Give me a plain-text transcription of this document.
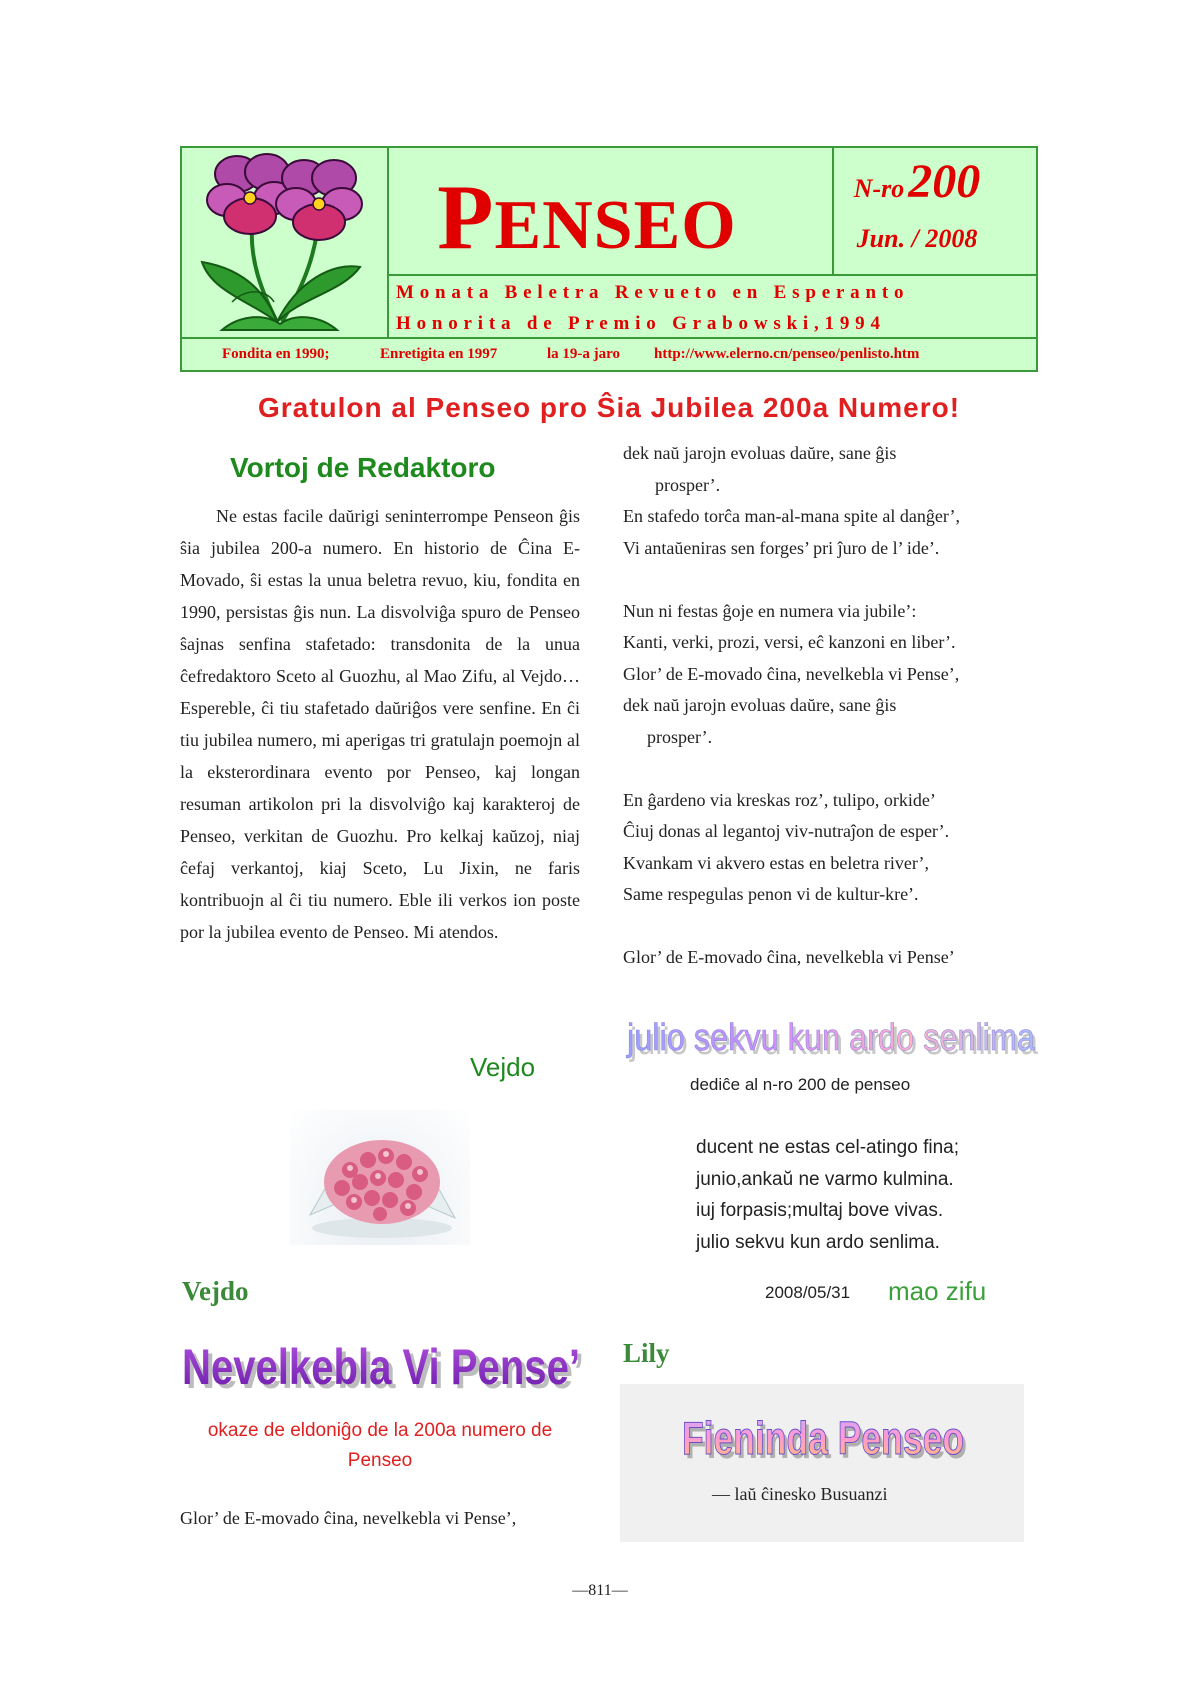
PENSEO	N-ro 200
Jun. / 2008
Monata Beletra Revueto en Esperanto
Honorita de Premio Grabowski,1994
Fondita en 1990;	Enretigita en 1997	la 19-a jaro http://www.elerno.cn/penseo/penlisto.htm
Gratulon al Penseo pro Ŝia Jubilea 200a Numero!
Vortoj de Redaktoro
Ne estas facile daŭrigi seninterrompe Penseon ĝis ŝia jubilea 200-a numero. En historio de Ĉina E-Movado, ŝi estas la unua beletra revuo, kiu, fondita en 1990, persistas ĝis nun. La disvolviĝa spuro de Penseo ŝajnas senfina stafetado: transdonita de la unua ĉefredaktoro Sceto al Guozhu, al Mao Zifu, al Vejdo… Espereble, ĉi tiu stafetado daŭriĝos vere senfine. En ĉi tiu jubilea numero, mi aperigas tri gratulajn poemojn al la eksterordinara evento por Penseo, kaj longan resuman artikolon pri la disvolviĝo kaj karakteroj de Penseo, verkitan de Guozhu. Pro kelkaj kaŭzoj, niaj ĉefaj verkantoj, kiaj Sceto, Lu Jixin, ne faris kontribuojn al ĉi tiu numero. Eble ili verkos ion poste por la jubilea evento de Penseo. Mi atendos.
Vejdo
Vejdo
Nevelkebla Vi Pense’
Nevelkebla Vi Pense’
okaze de eldoniĝo de la 200a numero de Penseo
Glor’ de E-movado ĉina, nevelkebla vi Pense’,

dek naŭ jarojn evoluas daŭre, sane ĝis

prosper’.

En stafedo torĉa man-al-mana spite al danĝer’,

Vi antaŭeniras sen forges’ pri ĵuro de l’ ide’.

Nun ni festas ĝoje en numera via jubile’:

Kanti, verki, prozi, versi, eĉ kanzoni en liber’.

Glor’ de E-movado ĉina, nevelkebla vi Pense’,

dek naŭ jarojn evoluas daŭre, sane ĝis

prosper’.

En ĝardeno via kreskas roz’, tulipo, orkide’

Ĉiuj donas al legantoj viv-nutraĵon de esper’.

Kvankam vi akvero estas en beletra river’,

Same respegulas penon vi de kultur-kre’.

Glor’ de E-movado ĉina, nevelkebla vi Pense’

julio sekvu kun ardo senlima
julio sekvu kun ardo senlima
dediĉe al n-ro 200 de penseo
ducent ne estas cel-atingo fina;
junio,ankaŭ ne varmo kulmina.
iuj forpasis;multaj bove vivas.
julio sekvu kun ardo senlima.
2008/05/31 mao zifu
Lily
Fieninda Penseo
Fieninda Penseo
— laŭ ĉinesko Busuanzi
—811—
